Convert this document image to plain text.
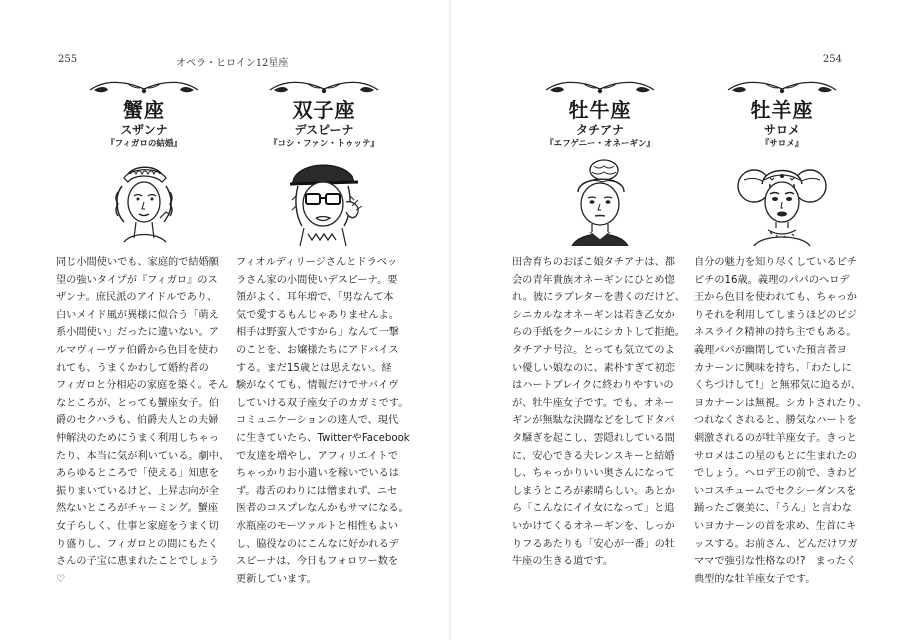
255	オペラ・ヒロイン12星座	254
蟹座
スザンナ
『フィガロの結婚』

同じ小間使いでも、家庭的で結婚願

望の強いタイプが『フィガロ』のス

ザンナ。庶民派のアイドルであり、

白いメイド風が異様に似合う「萌え

系小間使い」だったに違いない。ア

ルマヴィーヴァ伯爵から色目を使わ

れても、うまくかわして婚約者の

フィガロと分相応の家庭を築く。そん

なところが、とっても蟹座女子。伯

爵のセクハラも、伯爵夫人との夫婦

仲解決のためにうまく利用しちゃっ

たり、本当に気が利いている。劇中、

あらゆるところで「使える」知恵を

振りまいているけど、上昇志向が全

然ないところがチャーミング。蟹座

女子らしく、仕事と家庭をうまく切

り盛りし、フィガロとの間にもたく

さんの子宝に恵まれたことでしょう

♡

双子座
デスピーナ
『コシ・ファン・トゥッテ』

フィオルディリージさんとドラベッ

ラさん家の小間使いデスピーナ。要

領がよく、耳年増で、「男なんて本

気で愛するもんじゃありませんよ。

相手は野蛮人ですから」なんて一撃

のことを、お嬢様たちにアドバイス

する。まだ15歳とは思えない。経

験がなくても、情報だけでサバイヴ

していける双子座女子のカガミです。

コミュニケーションの達人で、現代

に生きていたら、TwitterやFacebook

で友達を増やし、アフィリエイトで

ちゃっかりお小遣いを稼いでいるは

ず。毒舌のわりには憎まれず、ニセ

医者のコスプレなんかもサマになる。

水瓶座のモーツァルトと相性もよい

し、脇役なのにこんなに好かれるデ

スピーナは、今日もフォロワー数を

更新しています。

牡牛座
タチアナ
『エフゲニー・オネーギン』

田舎育ちのおぼこ娘タチアナは、都

会の青年貴族オネーギンにひとめ惚

れ。彼にラブレターを書くのだけど、

シニカルなオネーギンは若き乙女か

らの手紙をクールにシカトして拒絶。

タチアナ号泣。とっても気立てのよ

い優しい娘なのに、素朴すぎて初恋

はハートブレイクに終わりやすいの

が、牡牛座女子です。でも、オネー

ギンが無駄な決闘などをしてドタバ

タ騒ぎを起こし、雲隠れしている間

に、安心できる夫レンスキーと結婚

し、ちゃっかりいい奥さんになって

しまうところが素晴らしい。あとか

ら「こんなにイイ女になって」と追

いかけてくるオネーギンを、しっか

りフるあたりも「安心が一番」の牡

牛座の生きる道です。

牡羊座
サロメ
『サロメ』

自分の魅力を知り尽くしているピチ

ピチの16歳。義理のパパのヘロデ

王から色目を使われても、ちゃっか

りそれを利用してしまうほどのビジ

ネスライク精神の持ち主でもある。

義理パパが幽閉していた預言者ヨ

カナーンに興味を持ち、「わたしに

くちづけして!」と無邪気に迫るが、

ヨカナーンは無視。シカトされたり、

つれなくされると、勝気なハートを

刺激されるのが牡羊座女子。きっと

サロメはこの星のもとに生まれたの

でしょう。ヘロデ王の前で、きわど

いコスチュームでセクシーダンスを

踊ったご褒美に、「うん」と言わな

いヨカナーンの首を求め、生首にキ

ッスする。お前さん、どんだけワガ

ママで強引な性格なの!?　まったく

典型的な牡羊座女子です。
